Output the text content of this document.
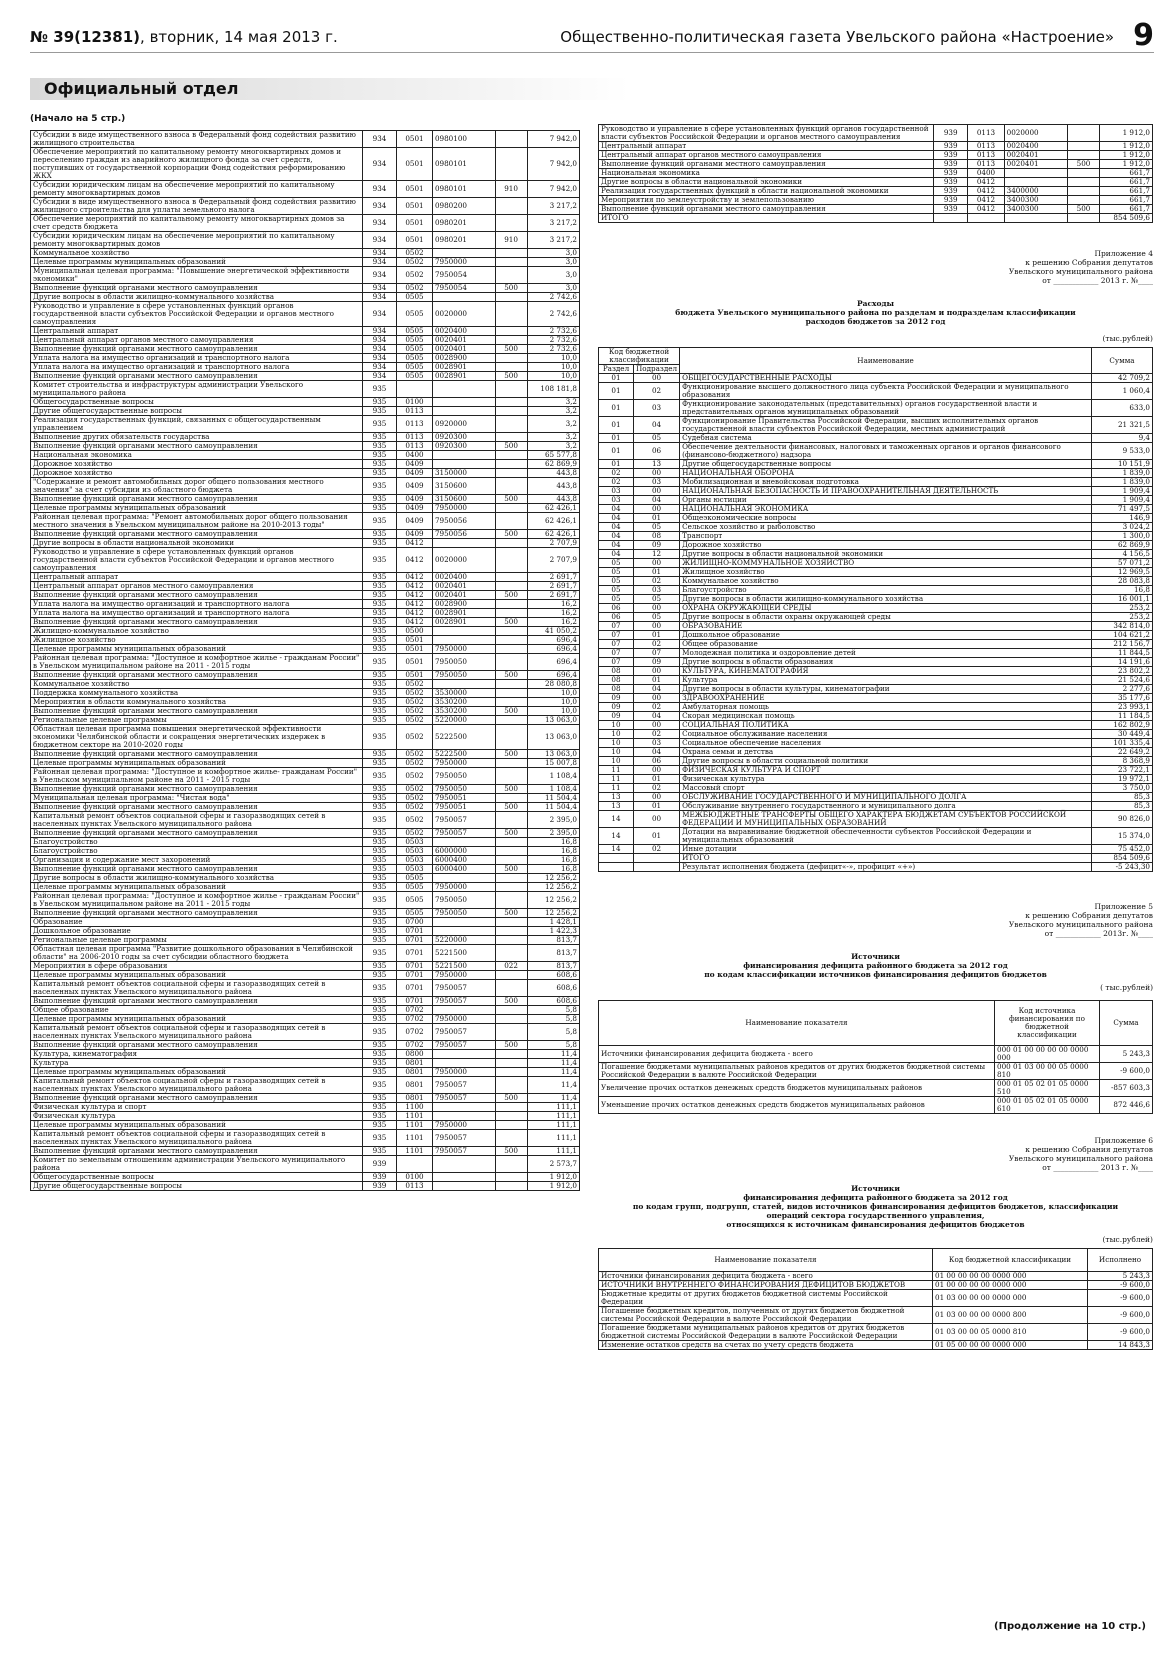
№ 39(12381), вторник, 14 мая 2013 г.	Общественно-политическая газета Увельского района «Настроение» 9
Официальный отдел
(Начало на 5 стр.)
Субсидии в виде имущественного взноса в Федеральный фонд содействия развитию жилищного строительства	934	0501	0980100		7 942,0
Обеспечение мероприятий по капитальному ремонту многоквартирных домов и переселению граждан из аварийного жилищного фонда за счет средств, поступивших от государственной корпорации Фонд содействия реформированию ЖКХ	934	0501	0980101		7 942,0
Субсидии юридическим лицам на обеспечение мероприятий по капитальному ремонту многоквартирных домов	934	0501	0980101	910	7 942,0
Субсидии в виде имущественного взноса в Федеральный фонд содействия развитию жилищного строительства для уплаты земельного налога	934	0501	0980200		3 217,2
Обеспечение мероприятий по капитальному ремонту многоквартирных домов за счет средств бюджета	934	0501	0980201		3 217,2
Субсидии юридическим лицам на обеспечение мероприятий по капитальному ремонту многоквартирных домов	934	0501	0980201	910	3 217,2
Коммунальное хозяйство	934	0502			3,0
Целевые программы муниципальных образований	934	0502	7950000		3,0
Муниципальная целевая программа: "Повышение энергетической эффективности экономики"	934	0502	7950054		3,0
Выполнение функций органами местного самоуправления	934	0502	7950054	500	3,0
Другие вопросы в области жилищно-коммунального хозяйства	934	0505			2 742,6
Руководство и управление в сфере установленных функций органов государственной власти субъектов Российской Федерации и органов местного самоуправления	934	0505	0020000		2 742,6
Центральный аппарат	934	0505	0020400		2 732,6
Центральный аппарат органов местного самоуправления	934	0505	0020401		2 732,6
Выполнение функций органами местного самоуправления	934	0505	0020401	500	2 732,6
Уплата налога на имущество организаций и транспортного налога	934	0505	0028900		10,0
Уплата налога на имущество организаций и транспортного налога	934	0505	0028901		10,0
Выполнение функций органами местного самоуправления	934	0505	0028901	500	10,0
Комитет строительства и инфраструктуры администрации Увельского муниципального района	935				108 181,8
Общегосударственные вопросы	935	0100			3,2
Другие общегосударственные вопросы	935	0113			3,2
Реализация государственных функций, связанных с общегосударственным управлением	935	0113	0920000		3,2
Выполнение других обязательств государства	935	0113	0920300		3,2
Выполнение функций органами местного самоуправления	935	0113	0920300	500	3,2
Национальная экономика	935	0400			65 577,8
Дорожное хозяйство	935	0409			62 869,9
Дорожное хозяйство	935	0409	3150000		443,8
"Содержание и ремонт автомобильных дорог общего пользования местного значения" за счет субсидии из областного бюджета	935	0409	3150600		443,8
Выполнение функций органами местного самоуправления	935	0409	3150600	500	443,8
Целевые программы муниципальных образований	935	0409	7950000		62 426,1
Районная целевая программа: "Ремонт автомобильных дорог общего пользования местного значения в Увельском муниципальном районе на 2010-2013 годы"	935	0409	7950056		62 426,1
Выполнение функций органами местного самоуправления	935	0409	7950056	500	62 426,1
Другие вопросы в области национальной экономики	935	0412			2 707,9
Руководство и управление в сфере установленных функций органов государственной власти субъектов Российской Федерации и органов местного самоуправления	935	0412	0020000		2 707,9
Центральный аппарат	935	0412	0020400		2 691,7
Центральный аппарат органов местного самоуправления	935	0412	0020401		2 691,7
Выполнение функций органами местного самоуправления	935	0412	0020401	500	2 691,7
Уплата налога на имущество организаций и транспортного налога	935	0412	0028900		16,2
Уплата налога на имущество организаций и транспортного налога	935	0412	0028901		16,2
Выполнение функций органами местного самоуправления	935	0412	0028901	500	16,2
Жилищно-коммунальное хозяйство	935	0500			41 050,2
Жилищное хозяйство	935	0501			696,4
Целевые программы муниципальных образований	935	0501	7950000		696,4
Районная целевая программа: "Доступное и комфортное жилье - гражданам России" в Увельском муниципальном районе на 2011 - 2015 годы	935	0501	7950050		696,4
Выполнение функций органами местного самоуправления	935	0501	7950050	500	696,4
Коммунальное хозяйство	935	0502			28 080,8
Поддержка коммунального хозяйства	935	0502	3530000		10,0
Мероприятия в области коммунального хозяйства	935	0502	3530200		10,0
Выполнение функций органами местного самоуправления	935	0502	3530200	500	10,0
Региональные целевые программы	935	0502	5220000		13 063,0
Областная целевая программа повышения энергетической эффективности экономики Челябинской области и сокращения энергетических издержек в бюджетном секторе на 2010-2020 годы	935	0502	5222500		13 063,0
Выполнение функций органами местного самоуправления	935	0502	5222500	500	13 063,0
Целевые программы муниципальных образований	935	0502	7950000		15 007,8
Районная целевая программа: "Доступное и комфортное жилье- гражданам России" в Увельском муниципальном районе на 2011 - 2015 годы	935	0502	7950050		1 108,4
Выполнение функций органами местного самоуправления	935	0502	7950050	500	1 108,4
Муниципальная целевая программа: "Чистая вода"	935	0502	7950051		11 504,4
Выполнение функций органами местного самоуправления	935	0502	7950051	500	11 504,4
Капитальный ремонт объектов социальной сферы и газоразводящих сетей в населенных пунктах Увельского муниципального района	935	0502	7950057		2 395,0
Выполнение функций органами местного самоуправления	935	0502	7950057	500	2 395,0
Благоустройство	935	0503			16,8
Благоустройство	935	0503	6000000		16,8
Организация и содержание мест захоронений	935	0503	6000400		16,8
Выполнение функций органами местного самоуправления	935	0503	6000400	500	16,8
Другие вопросы в области жилищно-коммунального хозяйства	935	0505			12 256,2
Целевые программы муниципальных образований	935	0505	7950000		12 256,2
Районная целевая программа: "Доступное и комфортное жилье - гражданам России" в Увельском муниципальном районе на 2011 - 2015 годы	935	0505	7950050		12 256,2
Выполнение функций органами местного самоуправления	935	0505	7950050	500	12 256,2
Образование	935	0700			1 428,1
Дошкольное образование	935	0701			1 422,3
Региональные целевые программы	935	0701	5220000		813,7
Областная целевая программа "Развитие дошкольного образования в Челябинской области" на 2006-2010 годы за счет субсидии областного бюджета	935	0701	5221500		813,7
Мероприятия в сфере образования	935	0701	5221500	022	813,7
Целевые программы муниципальных образований	935	0701	7950000		608,6
Капитальный ремонт объектов социальной сферы и газоразводящих сетей в населенных пунктах Увельского муниципального района	935	0701	7950057		608,6
Выполнение функций органами местного самоуправления	935	0701	7950057	500	608,6
Общее образование	935	0702			5,8
Целевые программы муниципальных образований	935	0702	7950000		5,8
Капитальный ремонт объектов социальной сферы и газоразводящих сетей в населенных пунктах Увельского муниципального района	935	0702	7950057		5,8
Выполнение функций органами местного самоуправления	935	0702	7950057	500	5,8
Культура, кинематография	935	0800			11,4
Культура	935	0801			11,4
Целевые программы муниципальных образований	935	0801	7950000		11,4
Капитальный ремонт объектов социальной сферы и газоразводящих сетей в населенных пунктах Увельского муниципального района	935	0801	7950057		11,4
Выполнение функций органами местного самоуправления	935	0801	7950057	500	11,4
Физическая культура и спорт	935	1100			111,1
Физическая культура	935	1101			111,1
Целевые программы муниципальных образований	935	1101	7950000		111,1
Капитальный ремонт объектов социальной сферы и газоразводящих сетей в населенных пунктах Увельского муниципального района	935	1101	7950057		111,1
Выполнение функций органами местного самоуправления	935	1101	7950057	500	111,1
Комитет по земельным отношениям администрации Увельского муниципального района	939				2 573,7
Общегосударственные вопросы	939	0100			1 912,0
Другие общегосударственные вопросы	939	0113			1 912,0
Руководство и управление в сфере установленных функций органов государственной власти субъектов Российской Федерации и органов местного самоуправления	939	0113	0020000		1 912,0
Центральный аппарат	939	0113	0020400		1 912,0
Центральный аппарат органов местного самоуправления	939	0113	0020401		1 912,0
Выполнение функций органами местного самоуправления	939	0113	0020401	500	1 912,0
Национальная экономика	939	0400			661,7
Другие вопросы в области национальной экономики	939	0412			661,7
Реализация государственных функций в области национальной экономики	939	0412	3400000		661,7
Мероприятия по землеустройству и землепользованию	939	0412	3400300		661,7
Выполнение функций органами местного самоуправления	939	0412	3400300	500	661,7
ИТОГО					854 509,6
Приложение 4
к решению Собрания депутатов
Увельского муниципального района
от ____________ 2013 г. №____
Расходы
бюджета Увельского муниципального района по разделам и подразделам классификации
расходов бюджетов за 2012 год
(тыс.рублей)
Код бюджетной классификации		Наименование	Сумма
Раздел	Подраздел		
01	00	ОБЩЕГОСУДАРСТВЕННЫЕ РАСХОДЫ	42 709,2
01	02	Функционирование высшего должностного лица субъекта Российской Федерации и муниципального образования	1 060,4
01	03	Функционирование законодательных (представительных) органов государственной власти и представительных органов муниципальных образований	633,0
01	04	Функционирование Правительства Российской Федерации, высших исполнительных органов государственной власти субъектов Российской Федерации, местных администраций	21 321,5
01	05	Судебная система	9,4
01	06	Обеспечение деятельности финансовых, налоговых и таможенных органов и органов финансового (финансово-бюджетного) надзора	9 533,0
01	13	Другие общегосударственные вопросы	10 151,9
02	00	НАЦИОНАЛЬНАЯ ОБОРОНА	1 839,0
02	03	Мобилизационная и вневойсковая подготовка	1 839,0
03	00	НАЦИОНАЛЬНАЯ БЕЗОПАСНОСТЬ И ПРАВООХРАНИТЕЛЬНАЯ ДЕЯТЕЛЬНОСТЬ	1 909,4
03	04	Органы юстиции	1 909,4
04	00	НАЦИОНАЛЬНАЯ ЭКОНОМИКА	71 497,5
04	01	Общеэкономические вопросы	146,9
04	05	Сельское хозяйство и рыболовство	3 024,2
04	08	Транспорт	1 300,0
04	09	Дорожное хозяйство	62 869,9
04	12	Другие вопросы в области национальной экономики	4 156,5
05	00	ЖИЛИЩНО-КОММУНАЛЬНОЕ ХОЗЯЙСТВО	57 071,2
05	01	Жилищное хозяйство	12 969,5
05	02	Коммунальное хозяйство	28 083,8
05	03	Благоустройство	16,8
05	05	Другие вопросы в области жилищно-коммунального хозяйства	16 001,1
06	00	ОХРАНА ОКРУЖАЮЩЕЙ СРЕДЫ	253,2
06	05	Другие вопросы в области охраны окружающей среды	253,2
07	00	ОБРАЗОВАНИЕ	342 814,0
07	01	Дошкольное образование	104 621,2
07	02	Общее образование	212 156,7
07	07	Молодежная политика и оздоровление детей	11 844,5
07	09	Другие вопросы в области образования	14 191,6
08	00	КУЛЬТУРА, КИНЕМАТОГРАФИЯ	23 802,2
08	01	Культура	21 524,6
08	04	Другие вопросы в области культуры, кинематографии	2 277,6
09	00	ЗДРАВООХРАНЕНИЕ	35 177,6
09	02	Амбулаторная помощь	23 993,1
09	04	Скорая медицинская помощь	11 184,5
10	00	СОЦИАЛЬНАЯ ПОЛИТИКА	162 802,9
10	02	Социальное обслуживание населения	30 449,4
10	03	Социальное обеспечение населения	101 335,4
10	04	Охрана семьи и детства	22 649,2
10	06	Другие вопросы в области социальной политики	8 368,9
11	00	ФИЗИЧЕСКАЯ КУЛЬТУРА И СПОРТ	23 722,1
11	01	Физическая культура	19 972,1
11	02	Массовый спорт	3 750,0
13	00	ОБСЛУЖИВАНИЕ ГОСУДАРСТВЕННОГО И МУНИЦИПАЛЬНОГО ДОЛГА	85,3
13	01	Обслуживание внутреннего государственного и муниципального долга	85,3
14	00	МЕЖБЮДЖЕТНЫЕ ТРАНСФЕРТЫ ОБЩЕГО ХАРАКТЕРА БЮДЖЕТАМ СУБЪЕКТОВ РОССИЙСКОЙ ФЕДЕРАЦИИ И МУНИЦИПАЛЬНЫХ ОБРАЗОВАНИЙ	90 826,0
14	01	Дотации на выравнивание бюджетной обеспеченности субъектов Российской Федерации и муниципальных образований	15 374,0
14	02	Иные дотации	75 452,0
		ИТОГО	854 509,6
		Результат исполнения бюджета (дефицит«-», профицит «+»)	-5 243,30
Приложение 5
к решению Собрания депутатов
Увельского муниципального района
от ____________ 2013г. №____
Источники
финансирования дефицита районного бюджета за 2012 год
по кодам классификации источников финансирования дефицитов бюджетов
( тыс.рублей)
Наименование показателя	Код источника финансирования по бюджетной классификации	Сумма
Источники финансирования дефицита бюджета - всего	000 01 00 00 00 00 0000 000	5 243,3
Погашение бюджетами муниципальных районов кредитов от других бюджетов бюджетной системы Российской Федерации в валюте Российской Федерации	000 01 03 00 00 05 0000 810	-9 600,0
Увеличение прочих остатков денежных средств бюджетов муниципальных районов	000 01 05 02 01 05 0000 510	-857 603,3
Уменьшение прочих остатков денежных средств бюджетов муниципальных районов	000 01 05 02 01 05 0000 610	872 446,6
Приложение 6
к решению Собрания депутатов
Увельского муниципального района
от ____________ 2013 г. №____
Источники
финансирования дефицита районного бюджета за 2012 год
по кодам групп, подгрупп, статей, видов источников финансирования дефицитов бюджетов, классификации
операций сектора государственного управления,
относящихся к источникам финансирования дефицитов бюджетов
(тыс.рублей)
Наименование показателя	Код бюджетной классификации	Исполнено
Источники финансирования дефицита бюджета - всего	01 00 00 00 00 0000 000	5 243,3
ИСТОЧНИКИ ВНУТРЕННЕГО ФИНАНСИРОВАНИЯ ДЕФИЦИТОВ БЮДЖЕТОВ	01 00 00 00 00 0000 000	-9 600,0
Бюджетные кредиты от других бюджетов бюджетной системы Российской Федерации	01 03 00 00 00 0000 000	-9 600,0
Погашение бюджетных кредитов, полученных от других бюджетов бюджетной системы Российской Федерации в валюте Российской Федерации	01 03 00 00 00 0000 800	-9 600,0
Погашение бюджетами муниципальных районов кредитов от других бюджетов бюджетной системы Российской Федерации в валюте Российской Федерации	01 03 00 00 05 0000 810	-9 600,0
Изменение остатков средств на счетах по учету средств бюджета	01 05 00 00 00 0000 000	14 843,3
(Продолжение на 10 стр.)
